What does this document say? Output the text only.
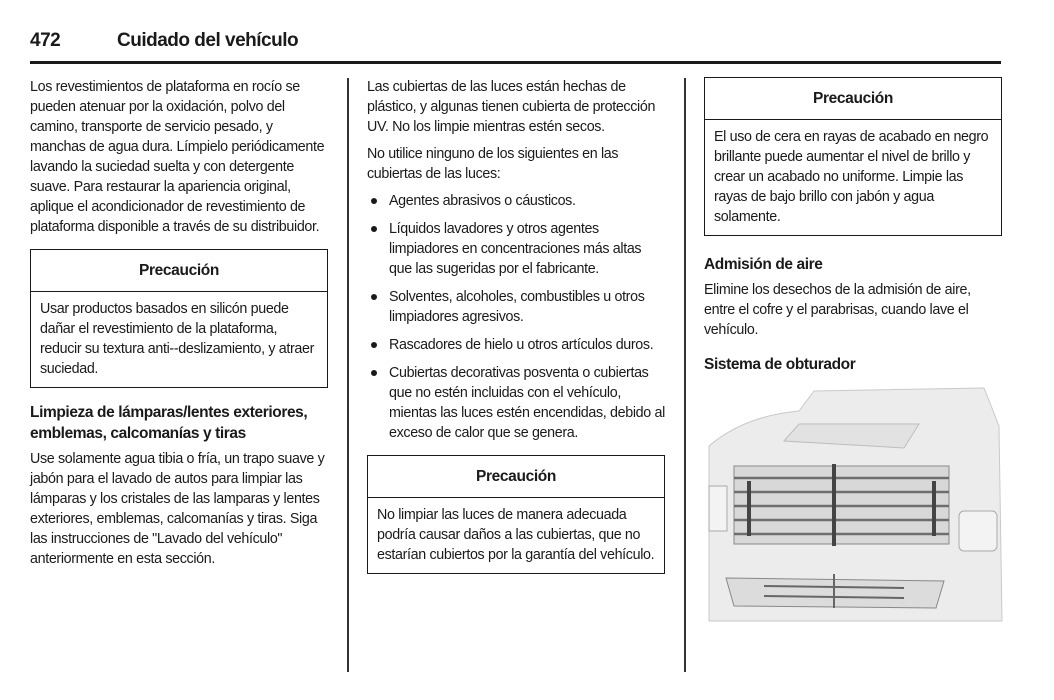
472	Cuidado del vehículo

Los revestimientos de plataforma en rocío se pueden atenuar por la oxidación, polvo del camino, transporte de servicio pesado, y manchas de agua dura. Límpielo periódicamente lavando la suciedad suelta y con detergente suave. Para restaurar la apariencia original, aplique el acondicionador de revestimiento de plataforma disponible a través de su distribuidor.

Precaución
Usar productos basados en silicón puede dañar el revestimiento de la plataforma, reducir su textura anti-‑deslizamiento, y atraer suciedad.
Limpieza de lámparas/lentes exteriores, emblemas, calcomanías y tiras

Use solamente agua tibia o fría, un trapo suave y jabón para el lavado de autos para limpiar las lámparas y los cristales de las lamparas y lentes exteriores, emblemas, calcomanías y tiras. Siga las instrucciones de "Lavado del vehículo" anteriormente en esta sección.

Las cubiertas de las luces están hechas de plástico, y algunas tienen cubierta de protección UV. No los limpie mientras estén secos.

No utilice ninguno de los siguientes en las cubiertas de las luces:

Agentes abrasivos o cáusticos.
Líquidos lavadores y otros agentes limpiadores en concentraciones más altas que las sugeridas por el fabricante.
Solventes, alcoholes, combustibles u otros limpiadores agresivos.
Rascadores de hielo u otros artículos duros.
Cubiertas decorativas posventa o cubiertas que no estén incluidas con el vehículo, mientas las luces estén encendidas, debido al exceso de calor que se genera.
Precaución
No limpiar las luces de manera adecuada podría causar daños a las cubiertas, que no estarían cubiertos por la garantía del vehículo.
Precaución
El uso de cera en rayas de acabado en negro brillante puede aumentar el nivel de brillo y crear un acabado no uniforme. Limpie las rayas de bajo brillo con jabón y agua solamente.
Admisión de aire

Elimine los desechos de la admisión de aire, entre el cofre y el parabrisas, cuando lave el vehículo.

Sistema de obturador
